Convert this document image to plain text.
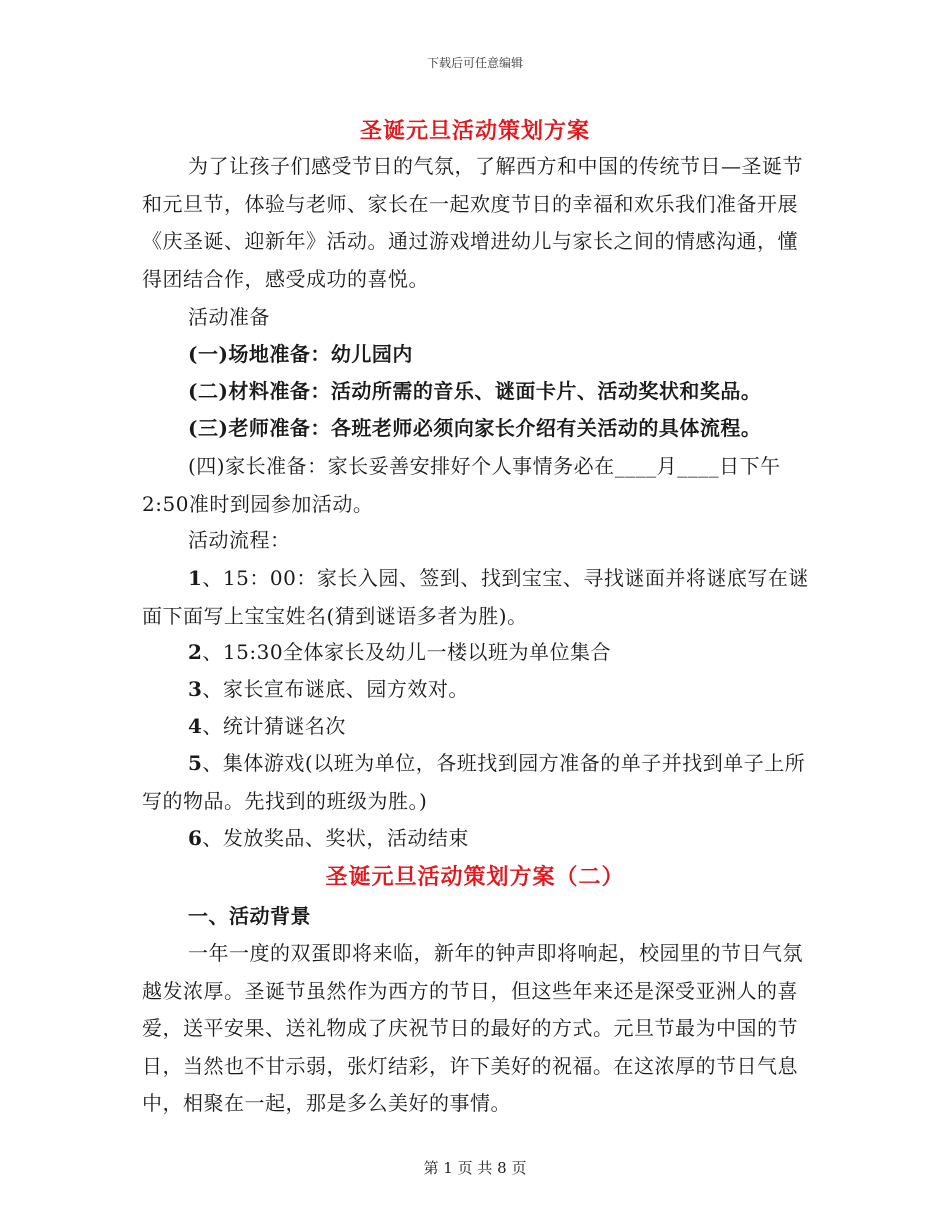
下载后可任意编辑
圣诞元旦活动策划方案
为了让孩子们感受节日的气氛，了解西方和中国的传统节日—圣诞节和元旦节，体验与老师、家长在一起欢度节日的幸福和欢乐我们准备开展《庆圣诞、迎新年》活动。通过游戏增进幼儿与家长之间的情感沟通，懂得团结合作，感受成功的喜悦。
活动准备
(一)场地准备：幼儿园内
(二)材料准备：活动所需的音乐、谜面卡片、活动奖状和奖品。
(三)老师准备：各班老师必须向家长介绍有关活动的具体流程。
(四)家长准备：家长妥善安排好个人事情务必在____月____日下午2:50准时到园参加活动。
活动流程：
1、15：00：家长入园、签到、找到宝宝、寻找谜面并将谜底写在谜面下面写上宝宝姓名(猜到谜语多者为胜)。
2、15:30全体家长及幼儿一楼以班为单位集合
3、家长宣布谜底、园方效对。
4、统计猜谜名次
5、集体游戏(以班为单位，各班找到园方准备的单子并找到单子上所写的物品。先找到的班级为胜。)
6、发放奖品、奖状，活动结束
圣诞元旦活动策划方案（二）
一、活动背景
一年一度的双蛋即将来临，新年的钟声即将响起，校园里的节日气氛越发浓厚。圣诞节虽然作为西方的节日，但这些年来还是深受亚洲人的喜爱，送平安果、送礼物成了庆祝节日的最好的方式。元旦节最为中国的节日，当然也不甘示弱，张灯结彩，许下美好的祝福。在这浓厚的节日气息中，相聚在一起，那是多么美好的事情。
第 1 页 共 8 页
